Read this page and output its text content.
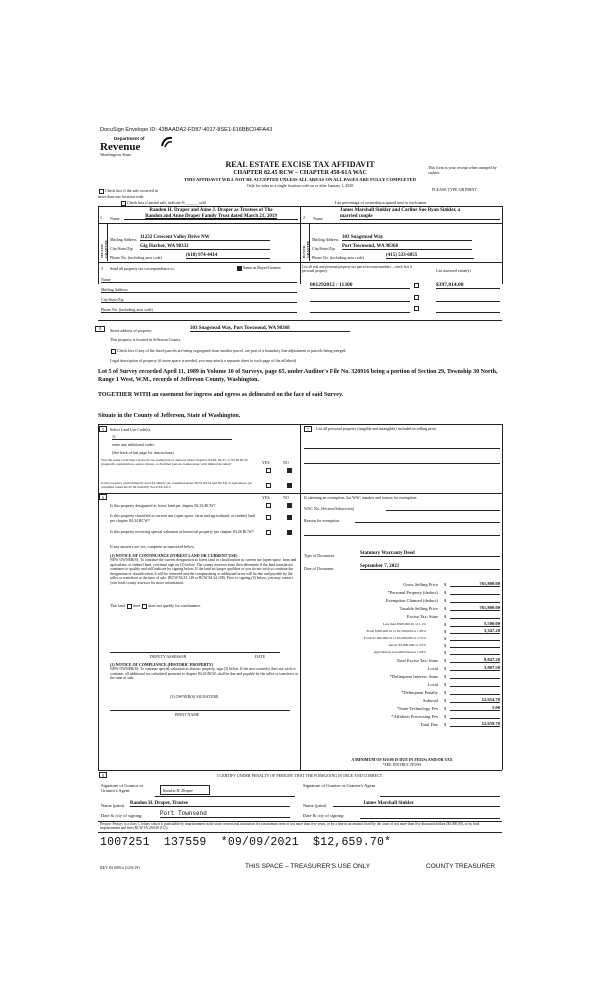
DocuSign Envelope ID: 43BAADA2-FD87-4017-8SE1-616BBC04FA43
Department of
Revenue
Washington State
REAL ESTATE EXCISE TAX AFFIDAVIT
CHAPTER 82.45 RCW – CHAPTER 458-61A WAC
THIS AFFIDAVIT WILL NOT BE ACCEPTED UNLESS ALL AREAS ON ALL PAGES ARE FULLY COMPLETED
Only for sales in a single location code on or after January 1, 2020
This form is your receipt when stamped by cashier.
PLEASE TYPE OR PRINT
Check box if the sale occurred in more than one location code.
Check box if partial sale, indicate % ______ sold	List percentage of ownership acquired next to each name.
1 Name
Randon H. Draper and Anne J. Draper as Trustees of The
Randon and Anne Draper Family Trust dated March 21, 2019
SELLER GRANTOR
Mailing Address 11232 Crescent Valley Drive NW
City/State/Zip Gig Harbor, WA 98332
Phone No. (including area code)	(618) 974-4414
2 Name
James Marshall Sinkler and Carline Sue Ryan Sinkler, a
married couple
BUYER GRANTEE
Mailing Address 303 Snagstead Way
City/State/Zip Port Townsend, WA 98368
Phone No. (including area code)	(415) 533-6055
3 Send all property tax correspondence to:	Same as Buyer/Grantee
Name
Mailing Address
City/State/Zip
Phone No. (including area code)
List all real and personal property tax parcel account numbers – check box if personal property	List assessed value(s)
001292012 / 11300	$397,814.00
4	Street address of property:	303 Snagstead Way, Port Townsend, WA 98368
This property is located in Jefferson County
Check box if any of the listed parcels are being segregated from another parcel, are part of a boundary line adjustment or parcels being merged.
Legal description of property (if more space is needed, you may attach a separate sheet to each page of the affidavit)
Lot 5 of Survey recorded April 11, 1989 in Volume 10 of Surveys, page 65, under Auditor's File No. 320916 being a portion of Section 29, Township 30 North, Range 1 West, W.M., records of Jefferson County, Washington.
TOGETHER WITH an easement for ingress and egress as delineated on the face of said Survey.
Situate in the County of Jefferson, State of Washington.
5	Select Land Use Code(s):
11
enter any additional codes:
(See back of last page for instructions)
YES	NO
Was the seller receiving a property tax exemption or deferral under chapters 84.36, 84.37, or 84.38 RCW (nonprofit organization, senior citizen, or disabled person, homeowner with limited income)?
Is this property predominantly used for timber (as classified under RCW 84.34 and 84.33) or agriculture (as classified under RCW 84.34.020)? See ETA 3215
6	YES	NO
Is this property designated as forest land per chapter 84.33 RCW?
Is this property classified as current use (open space, farm and agricultural, or timber) land per chapter 84.34 RCW?
Is this property receiving special valuation as historical property per chapter 84.26 RCW?
If any answers are yes, complete as instructed below.
(1) NOTICE OF CONTINUANCE (FOREST LAND OR CURRENT USE)
NEW OWNER(S): To continue the current designation as forest land or classification as current use (open space, farm and agriculture, or timber) land, you must sign on (3) below. The county assessor must then determine if the land transferred continues to qualify and will indicate by signing below. If the land no longer qualifies or you do not wish to continue the designation or classification, it will be removed and the compensating or additional taxes will be due and payable by the seller or transferor at the time of sale. (RCW 84.33.140 or RCW 84.34.108). Prior to signing (3) below, you may contact your local county assessor for more information.
This land does does not qualify for continuance.
DEPUTY ASSESSOR	DATE
(2) NOTICE OF COMPLIANCE (HISTORIC PROPERTY)
NEW OWNER(S): To continue special valuation as historic property, sign (3) below. If the new owner(s) does not wish to continue, all additional tax calculated pursuant to chapter 84.26 RCW, shall be due and payable by the seller or transferor at the time of sale.
(3) OWNER(S) SIGNATURE
PRINT NAME
7	List all personal property (tangible and intangible) included in selling price.
If claiming an exemption, list WAC number and reason for exemption:
WAC No. (Section/Subsection)
Reason for exemption
Type of Document	Statutory Warranty Deed
Date of Document	September 7, 2021
Gross Selling Price $	761,800.00
*Personal Property (deduct) $
Exemption Claimed (deduct) $
Taxable Selling Price $	761,800.00
Excise Tax: State $
Less than $500,000.01 at 1.1%	$	5,500.00
From $500,000.01 to $1,500,000 at 1.28%	$	3,347.20
From $1,500,000.01 to $3,000,000 at 2.75%	$
Above $3,000,000 at 3.0%	$
Agricultural and timberland at 1.28%	$
Total Excise Tax: State $	8,847.20
Local $	3,807.50
*Delinquent Interest: State $
Local $
*Delinquent Penalty $
Subtotal $	12,654.70
*State Technology Fee $	5.00
*Affidavit Processing Fee $
Total Due $	12,659.70
A MINIMUM OF $10.00 IS DUE IN FEE(S) AND/OR TAX
*SEE INSTRUCTIONS
8	I CERTIFY UNDER PENALTY OF PERJURY THAT THE FOREGOING IS TRUE AND CORRECT.
Signature of Grantor or Grantor's Agent	Randon H. Draper
Signature of Grantee or Grantee's Agent
Name (print) Randon H. Draper, Trustee	Name (print)	James Marshall Sinkler
Date & city of signing:	Port Townsend	Date & city of signing:
Perjury: Perjury is a class C felony which is punishable by imprisonment in the state correctional institution for a maximum term of not more than five years, or by a fine in an amount fixed by the court of not more than five thousand dollars ($5,000.00), or by both imprisonment and fine (RCW 9A.20.020 (1C)).
1007251  137559  *09/09/2021  $12,659.70*
REV 84 0001a (12/6/19)	THIS SPACE – TREASURER'S USE ONLY	COUNTY TREASURER
